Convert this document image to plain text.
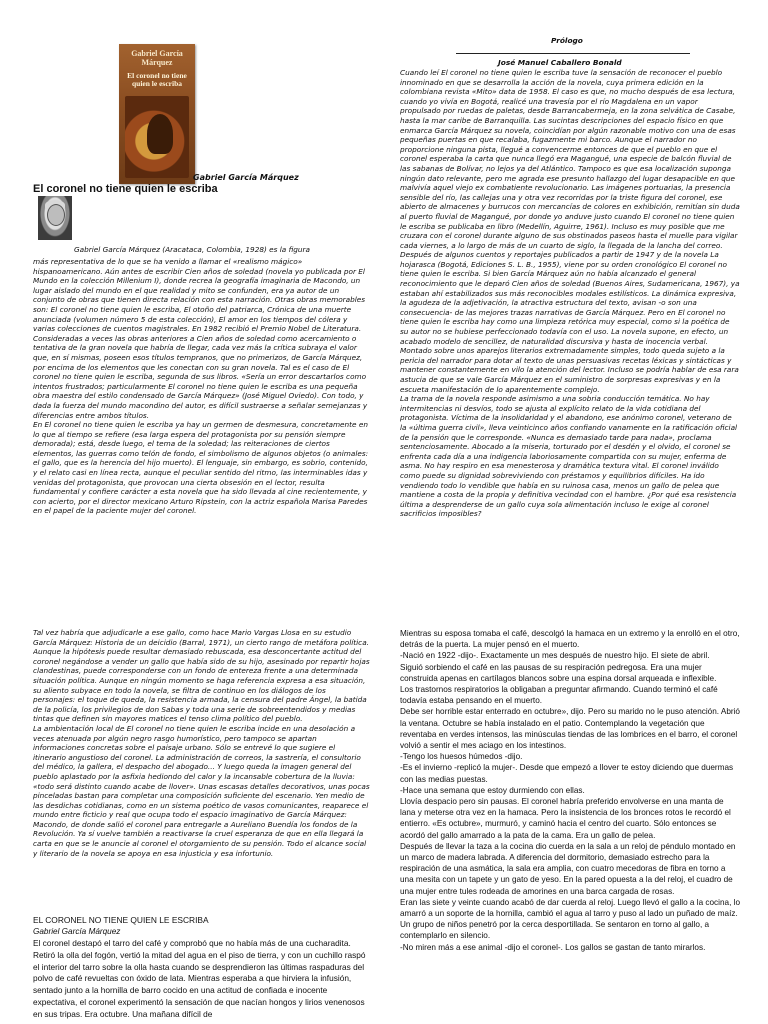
Gabriel García Márquez
El coronel no tiene quien le escriba
Gabriel García Márquez
El coronel no tiene quien le escriba

más representativa de lo que se ha venido a llamar el «realismo mágico» hispanoamericano. Aún antes de escribir Cien años de soledad (novela yo publicada por El Mundo en la colección Millenium I), donde recrea la geografía imaginaria de Macondo, un lugar aislado del mundo en el que realidad y mito se confunden, era ya autor de un conjunto de obras que tienen directa relación con esta narración. Otras obras memorables son: El coronel no tiene quien le escriba, El otoño del patriarca, Crónica de una muerte anunciada (volumen número 5 de esta colección), El amor en los tiempos del cólera y varias colecciones de cuentos magistrales. En 1982 recibió el Premio Nobel de Literatura.

Consideradas a veces las obras anteriores a Cien años de soledad como acercamiento o tentativa de la gran novela que habría de llegar, cada vez más la crítica subraya el valor que, en sí mismas, poseen esos títulos tempranos, que no primerizos, de García Márquez, por encima de los elementos que les conectan con su gran novela. Tal es el caso de El coronel no tiene quien le escriba, segunda de sus libros. «Sería un error descartarlos como intentos frustrados; particularmente El coronel no tiene quien le escriba es una pequeña obra maestra del estilo condensado de García Márquez» (José Miguel Oviedo). Con todo, y dada la fuerza del mundo macondino del autor, es difícil sustraerse a señalar semejanzas y diferencias entre ambos títulos.

En El coronel no tiene quien le escriba ya hay un germen de desmesura, concretamente en lo que al tiempo se refiere (esa larga espera del protagonista por su pensión siempre demorada); está, desde luego, el tema de la soledad; las reiteraciones de ciertos elementos, las guerras como telón de fondo, el simbolismo de algunos objetos (o animales: el gallo, que es la herencia del hijo muerto). El lenguaje, sin embargo, es sobrio, contenido, y el relato casi en línea recta, aunque el peculiar sentido del ritmo, las interminables idas y venidas del protagonista, que provocan una cierta obsesión en el lector, resulta fundamental y confiere carácter a esta novela que ha sido llevada al cine recientemente, y con acierto, por el director mexicano Arturo Ripstein, con la actriz española Marisa Paredes en el papel de la paciente mujer del coronel.

Gabriel García Márquez (Aracataca, Colombia, 1928) es la figura

Prólogo
José Manuel Caballero Bonald

Cuando leí El coronel no tiene quien le escriba tuve la sensación de reconocer el pueblo innominado en que se desarrolla la acción de la novela, cuya primera edición en la colombiana revista «Mito» data de 1958. El caso es que, no mucho después de esa lectura, cuando yo vivía en Bogotá, realicé una travesía por el río Magdalena en un vapor propulsado por ruedas de paletas, desde Barrancabermeja, en la zona selvática de Casabe, hasta la mar caribe de Barranquilla. Las sucintas descripciones del espacio físico en que enmarca García Márquez su novela, coincidían por algún razonable motivo con una de esas pequeñas puertas en que recalaba, fugazmente mi barco. Aunque el narrador no proporcione ninguna pista, llegué a convencerme entonces de que el pueblo en que el coronel esperaba la carta que nunca llegó era Magangué, una especie de balcón fluvial de las sabanas de Bolívar, no lejos ya del Atlántico. Tampoco es que esa localización suponga ningún dato relevante, pero me agrada ese presunto hallazgo del lugar desapacible en que malvivía aquel viejo ex combatiente revolucionario. Las imágenes portuarias, la presencia sensible del río, las callejas una y otra vez recorridas por la triste figura del coronel, ese abierto de almacenes y burrucos con mercancías de colores en exhibición, remitían sin duda al puerto fluvial de Magangué, por donde yo anduve justo cuando El coronel no tiene quien le escriba se publicaba en libro (Medellín, Aguirre, 1961). Incluso es muy posible que me cruzara con el coronel durante alguno de sus obstinados paseos hasta el muelle para vigilar cada viernes, a lo largo de más de un cuarto de siglo, la llegada de la lancha del correo.

Después de algunos cuentos y reportajes publicados a partir de 1947 y de la novela La hojarasca (Bogotá, Ediciones S. L. B., 1955), viene por su orden cronológico El coronel no tiene quien le escriba. Si bien García Márquez aún no había alcanzado el general reconocimiento que le deparó Cien años de soledad (Buenos Aires, Sudamericana, 1967), ya estaban ahí estabilizados sus más reconocibles modales estilísticos. La dinámica expresiva, la agudeza de la adjetivación, la atractiva estructura del texto, avisan -o son una consecuencia- de las mejores trazas narrativas de García Márquez. Pero en El coronel no tiene quien le escriba hay como una limpieza retórica muy especial, como si la poética de su autor no se hubiese perfeccionado todavía con el uso. La novela supone, en efecto, un acabado modelo de sencillez, de naturalidad discursiva y hasta de inocencia verbal. Montado sobre unos aparejos literarios extremadamente simples, todo queda sujeto a la pericia del narrador para dotar al texto de unas persuasivas recetas léxicas y sintácticas y mantener constantemente en vilo la atención del lector. Incluso se podría hablar de esa rara astucia de que se vale García Márquez en el suministro de sorpresas expresivas y en la escueta manifestación de lo aparentemente complejo.

La trama de la novela responde asimismo a una sobria conducción temática. No hay intermitencias ni desvíos, todo se ajusta al explícito relato de la vida cotidiana del protagonista. Víctima de la insolidaridad y el abandono, ese anónimo coronel, veterano de la «última guerra civil», lleva veinticinco años confiando vanamente en la ratificación oficial de la pensión que le corresponde. «Nunca es demasiado tarde para nada», proclama sentenciosamente. Abocado a la miseria, torturado por el desdén y el olvido, el coronel se enfrenta cada día a una indigencia laboriosamente compartida con su mujer, enferma de asma. No hay respiro en esa menesterosa y dramática textura vital. El coronel inválido como puede su dignidad sobreviviendo con préstamos y equilibrios difíciles. Ha ido vendiendo todo lo vendible que había en su ruinosa casa, menos un gallo de pelea que mantiene a costa de la propia y definitiva vecindad con el hambre. ¿Por qué esa resistencia última a desprenderse de un gallo cuya sola alimentación incluso le exige al coronel sacrificios imposibles?

Tal vez habría que adjudicarle a ese gallo, como hace Mario Vargas Llosa en su estudio García Márquez: Historia de un deicidio (Barral, 1971), un cierto rango de metáfora política. Aunque la hipótesis puede resultar demasiado rebuscada, esa desconcertante actitud del coronel negándose a vender un gallo que había sido de su hijo, asesinado por repartir hojas clandestinas, puede corresponderse con un fondo de entereza frente a una determinada situación política. Aunque en ningún momento se haga referencia expresa a esa situación, su aliento subyace en todo la novela, se filtra de continuo en los diálogos de los personajes: el toque de queda, la resistencia armada, la censura del padre Ángel, la batida de la policía, los privilegios de don Sabas y toda una serie de sobreentendidos y medias tintas que definen sin mayores matices el tenso clima político del pueblo.

La ambientación local de El coronel no tiene quien le escriba incide en una desolación a veces atenuada por algún negro rasgo humorístico, pero tampoco se apartan informaciones concretas sobre el paisaje urbano. Sólo se entrevé lo que sugiere el itinerario angustioso del coronel. La administración de correos, la sastrería, el consultorio del médico, la gallera, el despacho del abogado... Y luego queda la imagen general del pueblo aplastado por la asfixia hediondo del calor y la incansable cobertura de la lluvia: «todo será distinto cuando acabe de llover». Unas escasas detalles decorativos, unas pocas pinceladas bastan para completar una composición suficiente del escenario. Yen medio de las desdichas cotidianas, como en un sistema poético de vasos comunicantes, reaparece el mundo entre ficticio y real que ocupa todo el espacio imaginativo de García Márquez: Macondo, de donde salió el coronel para entregarle a Aureliano Buendía los fondos de la Revolución. Ya sí vuelve también a reactivarse la cruel esperanza de que en ella llegará la carta en que se le anuncie al coronel el otorgamiento de su pensión. Todo el alcance social y literario de la novela se apoya en esa injusticia y esa infortunio.

EL CORONEL NO TIENE QUIEN LE ESCRIBA
Gabriel García Márquez
El coronel destapó el tarro del café y comprobó que no había más de una cucharadita. Retiró la olla del fogón, vertió la mitad del agua en el piso de tierra, y con un cuchillo raspó el interior del tarro sobre la olla hasta cuando se desprendieron las últimas raspaduras del polvo de café revueltas con óxido de lata. Mientras esperaba a que hirviera la infusión, sentado junto a la hornilla de barro cocido en una actitud de confiada e inocente expectativa, el coronel experimentó la sensación de que nacían hongos y lirios venenosos en sus tripas. Era octubre. Una mañana difícil de

Mientras su esposa tomaba el café, descolgó la hamaca en un extremo y la enrolló en el otro, detrás de la puerta. La mujer pensó en el muerto.

-Nació en 1922 -dijo-. Exactamente un mes después de nuestro hijo. El siete de abril.

Siguió sorbiendo el café en las pausas de su respiración pedregosa. Era una mujer construida apenas en cartílagos blancos sobre una espina dorsal arqueada e inflexible.

Los trastornos respiratorios la obligaban a preguntar afirmando. Cuando terminó el café todavía estaba pensando en el muerto.

Debe ser horrible estar enterrado en octubre», dijo. Pero su marido no le puso atención. Abrió la ventana. Octubre se había instalado en el patio. Contemplando la vegetación que reventaba en verdes intensos, las minúsculas tiendas de las lombrices en el barro, el coronel volvió a sentir el mes aciago en los intestinos.

-Tengo los huesos húmedos -dijo.

-Es el invierno -replicó la mujer-. Desde que empezó a llover te estoy diciendo que duermas con las medias puestas.

-Hace una semana que estoy durmiendo con ellas.

Llovía despacio pero sin pausas. El coronel habría preferido envolverse en una manta de lana y meterse otra vez en la hamaca. Pero la insistencia de los bronces rotos le recordó el entierro. «Es octubre», murmuró, y caminó hacia el centro del cuarto. Sólo entonces se acordó del gallo amarrado a la pata de la cama. Era un gallo de pelea.

Después de llevar la taza a la cocina dio cuerda en la sala a un reloj de péndulo montado en un marco de madera labrada. A diferencia del dormitorio, demasiado estrecho para la respiración de una asmática, la sala era amplia, con cuatro mecedoras de fibra en torno a una mesita con un tapete y un gato de yeso. En la pared opuesta a la del reloj, el cuadro de una mujer entre tules rodeada de amorines en una barca cargada de rosas.

Eran las siete y veinte cuando acabó de dar cuerda al reloj. Luego llevó el gallo a la cocina, lo amarró a un soporte de la hornilla, cambió el agua al tarro y puso al lado un puñado de maíz. Un grupo de niños penetró por la cerca desportillada. Se sentaron en torno al gallo, a contemplarlo en silencio.

-No miren más a ese animal -dijo el coronel-. Los gallos se gastan de tanto mirarlos.
